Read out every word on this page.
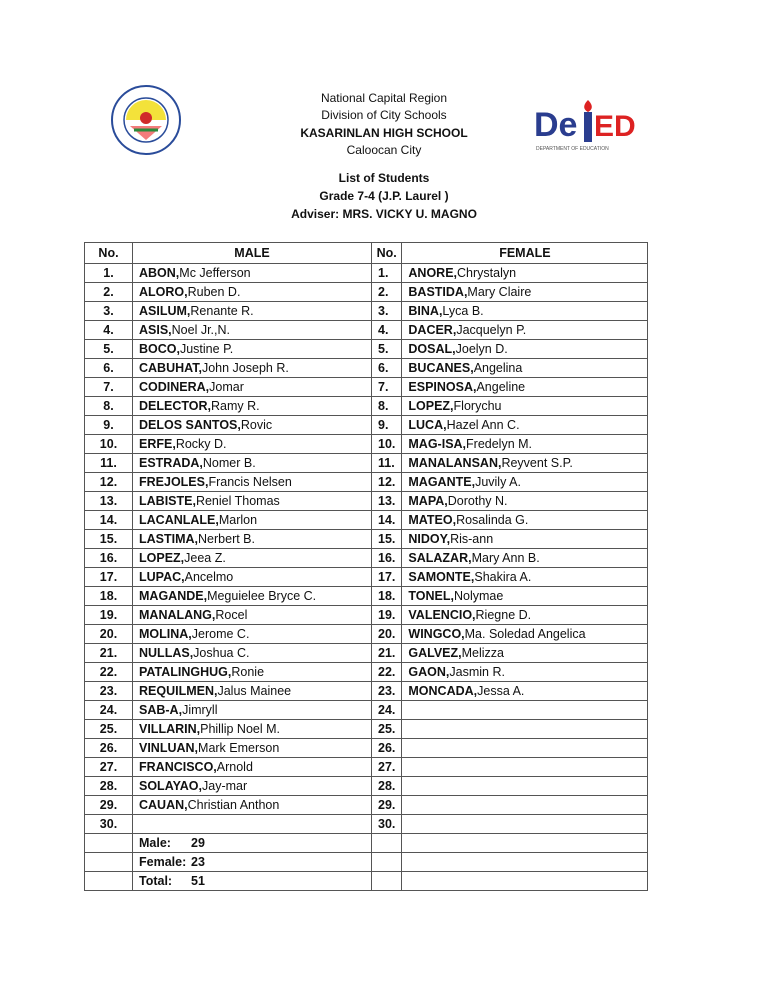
De ED
DEPARTMENT OF EDUCATION
National Capital Region
Division of City Schools
KASARINLAN HIGH SCHOOL
Caloocan City
List of Students
Grade 7-4 (J.P. Laurel )
Adviser: MRS. VICKY U. MAGNO
No.	MALE	No.	FEMALE
1.	ABON,Mc Jefferson	1.	ANORE,Chrystalyn
2.	ALORO,Ruben D.	2.	BASTIDA,Mary Claire
3.	ASILUM,Renante R.	3.	BINA,Lyca B.
4.	ASIS,Noel Jr.,N.	4.	DACER,Jacquelyn P.
5.	BOCO,Justine P.	5.	DOSAL,Joelyn D.
6.	CABUHAT,John Joseph R.	6.	BUCANES,Angelina
7.	CODINERA,Jomar	7.	ESPINOSA,Angeline
8.	DELECTOR,Ramy R.	8.	LOPEZ,Florychu
9.	DELOS SANTOS,Rovic	9.	LUCA,Hazel Ann C.
10.	ERFE,Rocky D.	10.	MAG-ISA,Fredelyn M.
11.	ESTRADA,Nomer B.	11.	MANALANSAN,Reyvent S.P.
12.	FREJOLES,Francis Nelsen	12.	MAGANTE,Juvily A.
13.	LABISTE,Reniel Thomas	13.	MAPA,Dorothy N.
14.	LACANLALE,Marlon	14.	MATEO,Rosalinda G.
15.	LASTIMA,Nerbert B.	15.	NIDOY,Ris-ann
16.	LOPEZ,Jeea Z.	16.	SALAZAR,Mary Ann B.
17.	LUPAC,Ancelmo	17.	SAMONTE,Shakira A.
18.	MAGANDE,Meguielee Bryce C.	18.	TONEL,Nolymae
19.	MANALANG,Rocel	19.	VALENCIO,Riegne D.
20.	MOLINA,Jerome C.	20.	WINGCO,Ma. Soledad Angelica
21.	NULLAS,Joshua C.	21.	GALVEZ,Melizza
22.	PATALINGHUG,Ronie	22.	GAON,Jasmin R.
23.	REQUILMEN,Jalus Mainee	23.	MONCADA,Jessa A.
24.	SAB-A,Jimryll	24.	
25.	VILLARIN,Phillip Noel M.	25.	
26.	VINLUAN,Mark Emerson	26.	
27.	FRANCISCO,Arnold	27.	
28.	SOLAYAO,Jay-mar	28.	
29.	CAUAN,Christian Anthon	29.	
30.		30.	
	Male: 29		
	Female: 23		
	Total: 51		
